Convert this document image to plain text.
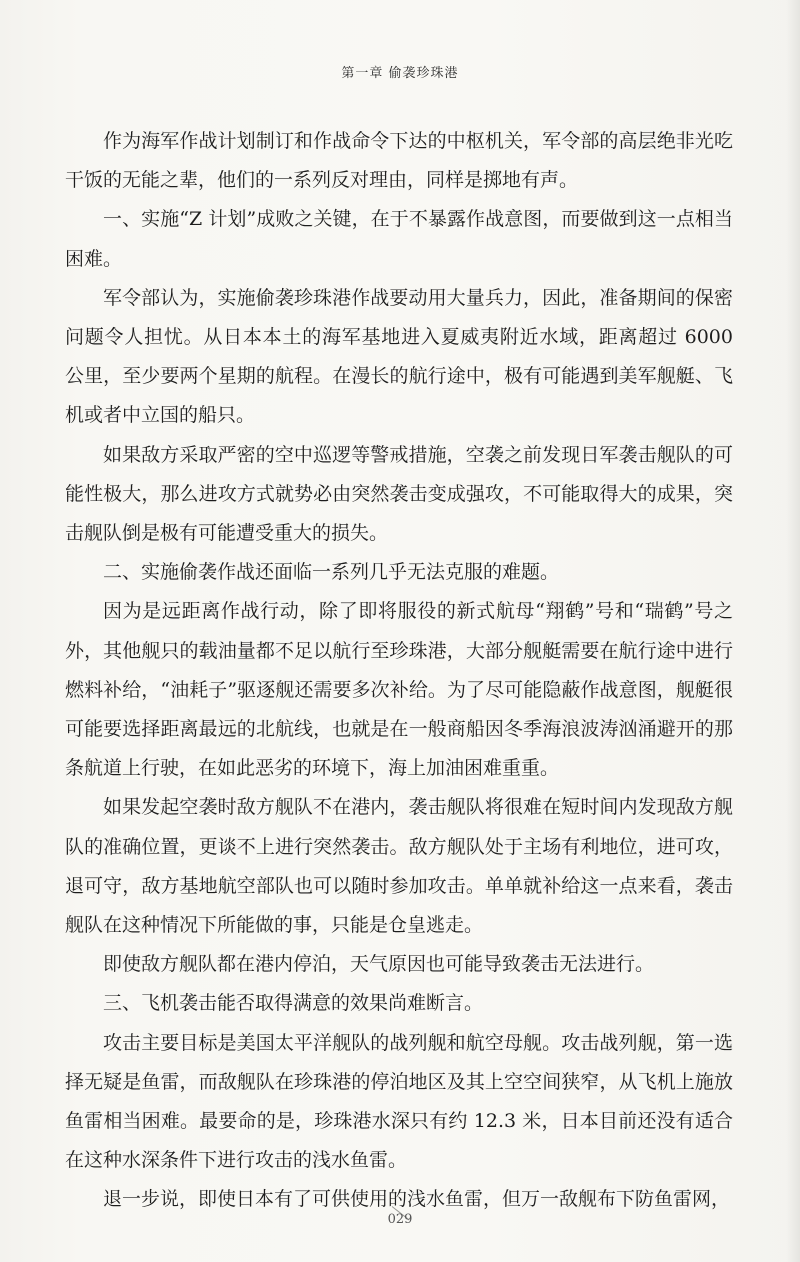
第一章 偷袭珍珠港

作为海军作战计划制订和作战命令下达的中枢机关，军令部的高层绝非光吃干饭的无能之辈，他们的一系列反对理由，同样是掷地有声。

一、实施“Z 计划”成败之关键，在于不暴露作战意图，而要做到这一点相当困难。

军令部认为，实施偷袭珍珠港作战要动用大量兵力，因此，准备期间的保密问题令人担忧。从日本本土的海军基地进入夏威夷附近水域，距离超过 6000 公里，至少要两个星期的航程。在漫长的航行途中，极有可能遇到美军舰艇、飞机或者中立国的船只。

如果敌方采取严密的空中巡逻等警戒措施，空袭之前发现日军袭击舰队的可能性极大，那么进攻方式就势必由突然袭击变成强攻，不可能取得大的成果，突击舰队倒是极有可能遭受重大的损失。

二、实施偷袭作战还面临一系列几乎无法克服的难题。

因为是远距离作战行动，除了即将服役的新式航母“翔鹤”号和“瑞鹤”号之外，其他舰只的载油量都不足以航行至珍珠港，大部分舰艇需要在航行途中进行燃料补给，“油耗子”驱逐舰还需要多次补给。为了尽可能隐蔽作战意图，舰艇很可能要选择距离最远的北航线，也就是在一般商船因冬季海浪波涛汹涌避开的那条航道上行驶，在如此恶劣的环境下，海上加油困难重重。

如果发起空袭时敌方舰队不在港内，袭击舰队将很难在短时间内发现敌方舰队的准确位置，更谈不上进行突然袭击。敌方舰队处于主场有利地位，进可攻，退可守，敌方基地航空部队也可以随时参加攻击。单单就补给这一点来看，袭击舰队在这种情况下所能做的事，只能是仓皇逃走。

即使敌方舰队都在港内停泊，天气原因也可能导致袭击无法进行。

三、飞机袭击能否取得满意的效果尚难断言。

攻击主要目标是美国太平洋舰队的战列舰和航空母舰。攻击战列舰，第一选择无疑是鱼雷，而敌舰队在珍珠港的停泊地区及其上空空间狭窄，从飞机上施放鱼雷相当困难。最要命的是，珍珠港水深只有约 12.3 米，日本目前还没有适合在这种水深条件下进行攻击的浅水鱼雷。

退一步说，即使日本有了可供使用的浅水鱼雷，但万一敌舰布下防鱼雷网，

029
